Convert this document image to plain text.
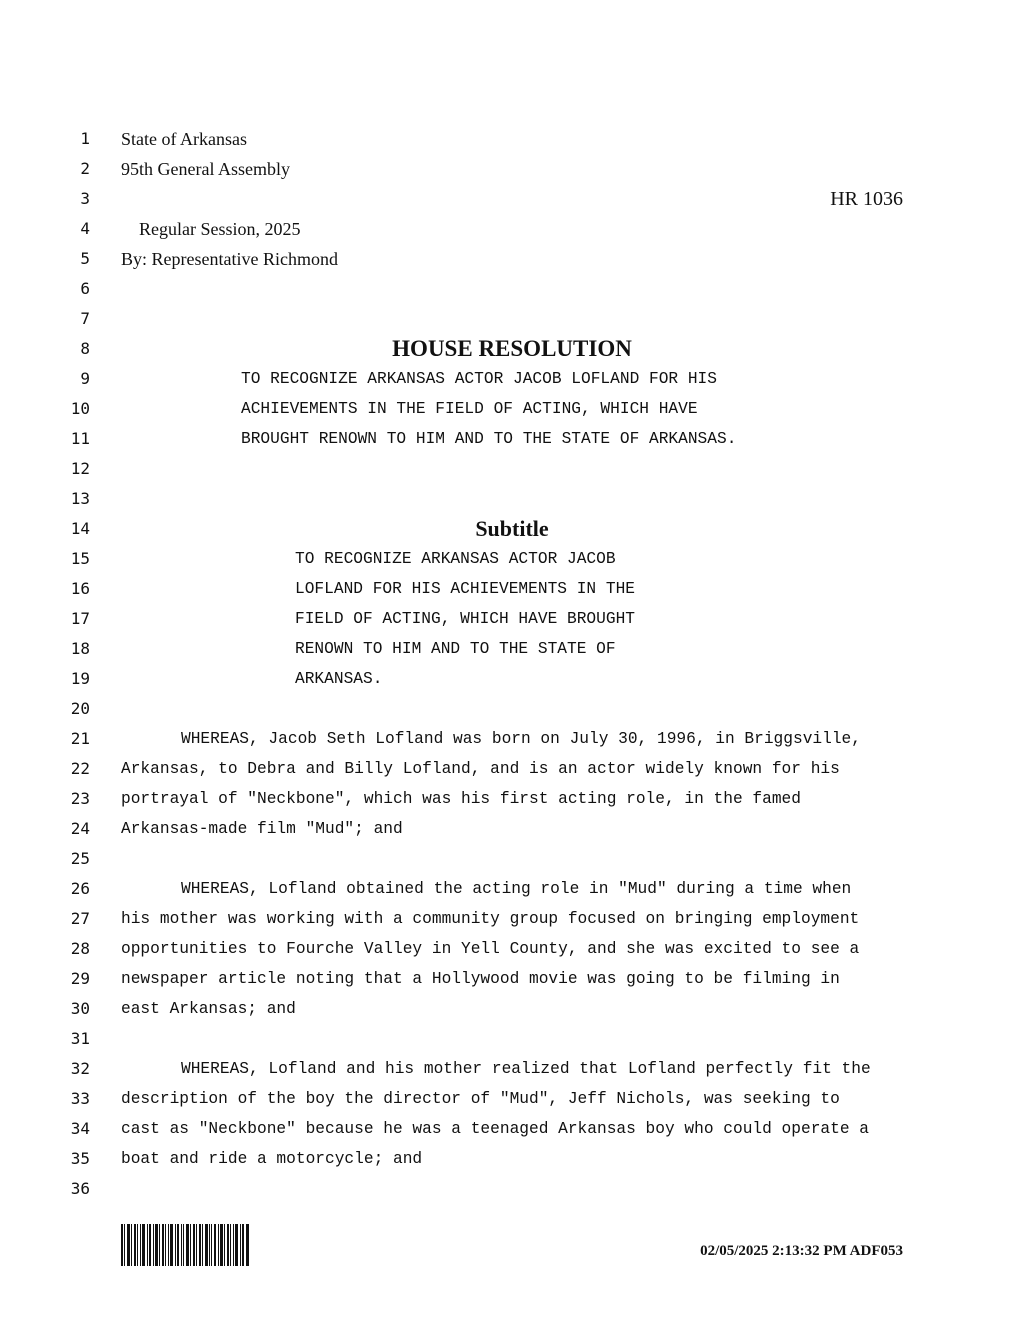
1
2
3
4
5
6
7
8
9
10
11
12
13
14
15
16
17
18
19
20
21
22
23
24
25
26
27
28
29
30
31
32
33
34
35
36
State of Arkansas
95th General Assembly

Regular Session, 2025

HR 1036
By: Representative Richmond
HOUSE RESOLUTION
TO RECOGNIZE ARKANSAS ACTOR JACOB LOFLAND FOR HIS
ACHIEVEMENTS IN THE FIELD OF ACTING, WHICH HAVE
BROUGHT RENOWN TO HIM AND TO THE STATE OF ARKANSAS.
Subtitle
TO RECOGNIZE ARKANSAS ACTOR JACOB
LOFLAND FOR HIS ACHIEVEMENTS IN THE
FIELD OF ACTING, WHICH HAVE BROUGHT
RENOWN TO HIM AND TO THE STATE OF
ARKANSAS.
WHEREAS, Jacob Seth Lofland was born on July 30, 1996, in Briggsville,
Arkansas, to Debra and Billy Lofland, and is an actor widely known for his
portrayal of "Neckbone", which was his first acting role, in the famed
Arkansas-made film "Mud"; and
WHEREAS, Lofland obtained the acting role in "Mud" during a time when
his mother was working with a community group focused on bringing employment
opportunities to Fourche Valley in Yell County, and she was excited to see a
newspaper article noting that a Hollywood movie was going to be filming in
east Arkansas; and
WHEREAS, Lofland and his mother realized that Lofland perfectly fit the
description of the boy the director of "Mud", Jeff Nichols, was seeking to
cast as "Neckbone" because he was a teenaged Arkansas boy who could operate a
boat and ride a motorcycle; and
02/05/2025 2:13:32 PM ADF053
